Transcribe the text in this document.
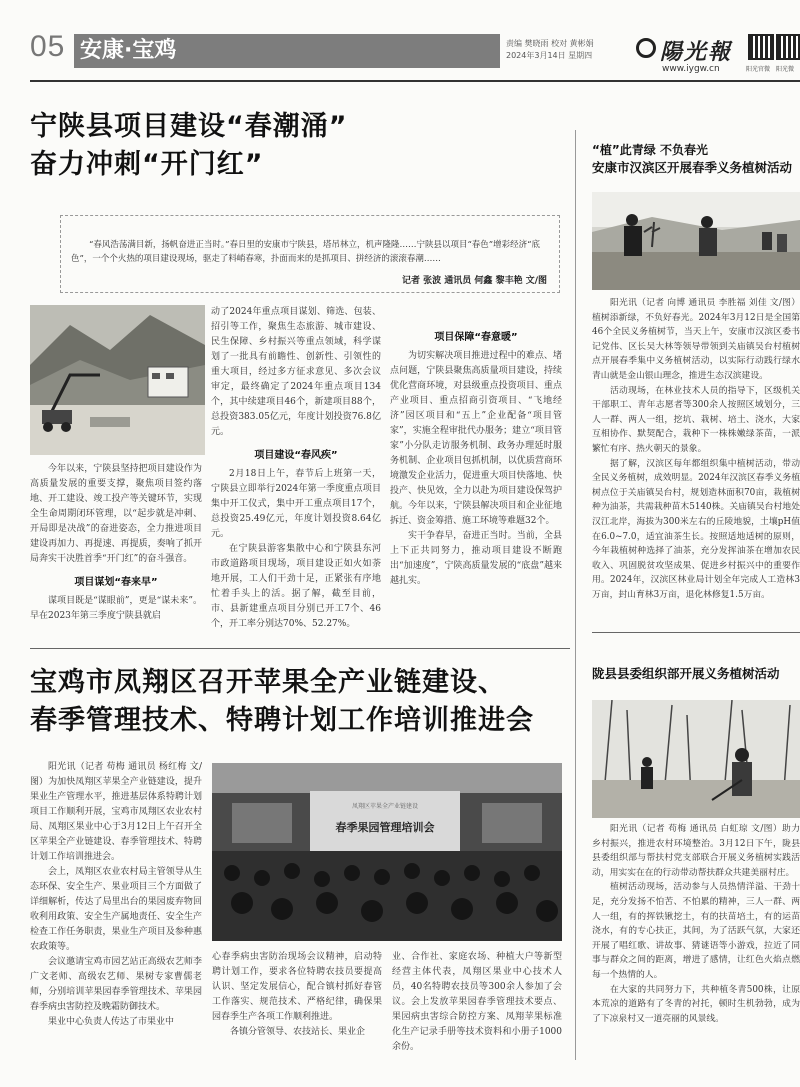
05 安康·宝鸡	责编 樊晓雨 校对 黄彬娟
2024年3月14日 星期四	陽光報
www.iygw.cn	阳光官微 阳光微
宁陕县项目建设“春潮涌”
奋力冲刺“开门红”

“春风浩荡满目新，扬帆奋进正当时。”春日里的安康市宁陕县，塔吊林立，机声隆隆……宁陕县以项目“春色”增彩经济“底色”，一个个火热的项目建设现场，驱走了料峭春寒，扑面而来的是抓项目、拼经济的滚滚春潮……

记者 张波 通讯员 何鑫 黎丰艳 文/图

今年以来，宁陕县坚持把项目建设作为高质量发展的重要支撑，聚焦项目签约落地、开工建设、竣工投产等关键环节，实现全生命周期闭环管理，以“起步就是冲刺、开局即是决战”的奋进姿态，全力推进项目建设再加力、再提速、再提质，奏响了抓开局奔实干决胜首季“开门红”的奋斗强音。

项目谋划“春来早”

谋项目既是“谋眼前”，更是“谋未来”。早在2023年第三季度宁陕县就启

动了2024年重点项目谋划、筛选、包装、招引等工作，聚焦生态旅游、城市建设、民生保障、乡村振兴等重点领域，科学谋划了一批具有前瞻性、创新性、引领性的重大项目，经过多方征求意见、多次会议审定，最终确定了2024年重点项目134个，其中续建项目46个，新建项目88个，总投资383.05亿元，年度计划投资76.8亿元。

项目建设“春风疾”

2月18日上午，春节后上班第一天，宁陕县立即举行2024年第一季度重点项目集中开工仪式，集中开工重点项目17个，总投资25.49亿元，年度计划投资8.64亿元。

在宁陕县游客集散中心和宁陕县东河市政道路项目现场，项目建设正如火如荼地开展，工人们干劲十足，正紧张有序地忙着手头上的活。据了解，截至目前，市、县新建重点项目分别已开工7个、46个，开工率分别达70%、52.27%。

项目保障“春意暖”

为切实解决项目推进过程中的难点、堵点问题，宁陕县聚焦高质量项目建设，持续优化营商环境，对县级重点投资项目、重点产业项目、重点招商引资项目、“飞地经济”园区项目和“五上”企业配备“项目管家”，实施全程审批代办服务；建立“项目管家”小分队走访服务机制、政务办理延时服务机制、企业项目包抓机制，以优质营商环境激发企业活力，促进重大项目快落地、快投产、快见效，全力以赴为项目建设保驾护航。今年以来，宁陕县解决项目和企业征地拆迁、资金筹措、施工环境等难题32个。

实干争春早，奋进正当时。当前，全县上下正共同努力，推动项目建设不断跑出“加速度”，宁陕高质量发展的“底盘”越来越扎实。

宝鸡市凤翔区召开苹果全产业链建设、
春季管理技术、特聘计划工作培训推进会

阳光讯（记者 苟梅 通讯员 杨红梅 文/图）为加快凤翔区苹果全产业链建设，提升果业生产管理水平，推进基层体系特聘计划项目工作顺利开展，宝鸡市凤翔区农业农村局、凤翔区果业中心于3月12日上午召开全区苹果全产业链建设、春季管理技术、特聘计划工作培训推进会。

会上，凤翔区农业农村局主管领导从生态环保、安全生产、果业项目三个方面做了详细解析，传达了局里出台的果园废弃物回收利用政策、安全生产属地责任、安全生产检查工作任务职责，果业生产项目及参种惠农政策等。

会议邀请宝鸡市园艺站正高级农艺师李广文老师、高级农艺师、果树专家曹儒老师，分别培训苹果园春季管理技术、苹果园春季病虫害防控及晚霜防御技术。

果业中心负责人传达了市果业中

凤翔区苹果全产业链建设
春季果园管理培训会

心春季病虫害防治现场会议精神，启动特聘计划工作，要求各位特聘农技员要提高认识、坚定发展信心，配合镇村抓好春管工作落实、规范技术、严格纪律，确保果园春季生产各项工作顺利推进。

各镇分管领导、农技站长、果业企

业、合作社、家庭农场、种植大户等新型经营主体代表，凤翔区果业中心技术人员，40名特聘农技员等300余人参加了会议。会上发放苹果园春季管理技术要点、果园病虫害综合防控方案、凤翔苹果标准化生产记录手册等技术资料和小册子1000余份。

“植”此青绿 不负春光
安康市汉滨区开展春季义务植树活动

阳光讯（记者 向博 通讯员 李胜福 刘佳 文/图）植树添新绿，不负好春光。2024年3月12日是全国第46个全民义务植树节，当天上午，安康市汉滨区委书记党伟、区长吴大林等领导带领到关庙镇吴台村植树点开展春季集中义务植树活动，以实际行动践行绿水青山就是金山银山理念，推进生态汉滨建设。

活动现场，在林业技术人员的指导下，区级机关干部职工、青年志愿者等300余人按照区域划分，三人一群、两人一组，挖坑、栽树、培土、浇水，大家互相协作、默契配合，栽种下一株株嫩绿茶苗，一派繁忙有序、热火朝天的景象。

据了解，汉滨区每年都组织集中植树活动，带动全民义务植树，成效明显。2024年汉滨区春季义务植树点位于关庙镇吴台村，规划造林面积70亩，栽植树种为油茶，共需栽种苗木5140株。关庙镇吴台村地处汉江北岸，海拔为300米左右的丘陵地貌，土壤pH值在6.0~7.0，适宜油茶生长。按照适地适树的原则，今年栽植树种选择了油茶，充分发挥油茶在增加农民收入、巩固脱贫攻坚成果、促进乡村振兴中的重要作用。2024年，汉滨区林业局计划全年完成人工造林3万亩，封山育林3万亩，退化林修复1.5万亩。

陇县县委组织部开展义务植树活动

阳光讯（记者 苟梅 通讯员 白虹琼 文/图）助力乡村振兴，推进农村环境整治。3月12日下午，陇县县委组织部与帮扶村党支部联合开展义务植树实践活动，用实实在在的行动带动帮扶群众共建美丽村庄。

植树活动现场，活动参与人员热情洋溢、干劲十足，充分发扬不怕苦、不怕累的精神，三人一群、两人一组，有的挥铁锹挖土，有的扶苗培土，有的运苗浇水，有的专心扶正，其间，为了活跃气氛，大家还开展了唱红歌、讲故事、猜谜语等小游戏，拉近了同事与群众之间的距离，增进了感情，让红色火焰点燃每一个热情的人。

在大家的共同努力下，共种植冬青500株，让原本荒凉的道路有了冬青的衬托，顿时生机勃勃，成为了下凉泉村又一道亮丽的风景线。
